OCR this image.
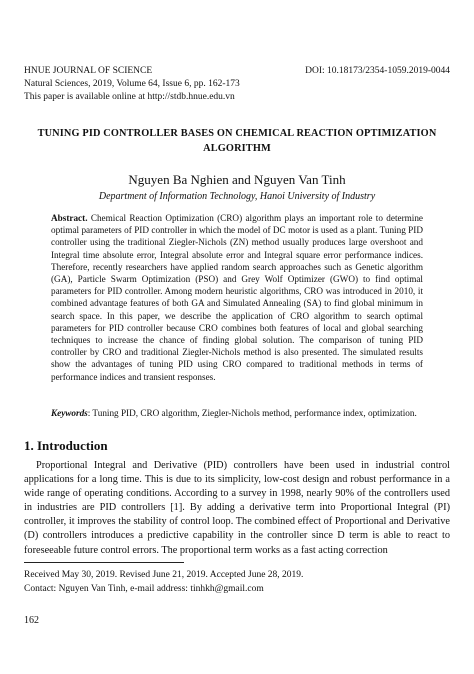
HNUE JOURNAL OF SCIENCE	DOI: 10.18173/2354-1059.2019-0044
Natural Sciences, 2019, Volume 64, Issue 6, pp. 162-173
This paper is available online at http://stdb.hnue.edu.vn
TUNING PID CONTROLLER BASES ON CHEMICAL REACTION OPTIMIZATION ALGORITHM
Nguyen Ba Nghien and Nguyen Van Tinh
Department of Information Technology, Hanoi University of Industry

Abstract. Chemical Reaction Optimization (CRO) algorithm plays an important role to determine optimal parameters of PID controller in which the model of DC motor is used as a plant. Tuning PID controller using the traditional Ziegler-Nichols (ZN) method usually produces large overshoot and Integral time absolute error, Integral absolute error and Integral square error performance indices. Therefore, recently researchers have applied random search approaches such as Genetic algorithm (GA), Particle Swarm Optimization (PSO) and Grey Wolf Optimizer (GWO) to find optimal parameters for PID controller. Among modern heuristic algorithms, CRO was introduced in 2010, it combined advantage features of both GA and Simulated Annealing (SA) to find global minimum in search space. In this paper, we describe the application of CRO algorithm to search optimal parameters for PID controller because CRO combines both features of local and global searching techniques to increase the chance of finding global solution. The comparison of tuning PID controller by CRO and traditional Ziegler-Nichols method is also presented. The simulated results show the advantages of tuning PID using CRO compared to traditional methods in terms of performance indices and transient responses.

Keywords: Tuning PID, CRO algorithm, Ziegler-Nichols method, performance index, optimization.

1. Introduction

Proportional Integral and Derivative (PID) controllers have been used in industrial control applications for a long time. This is due to its simplicity, low-cost design and robust performance in a wide range of operating conditions. According to a survey in 1998, nearly 90% of the controllers used in industries are PID controllers [1]. By adding a derivative term into Proportional Integral (PI) controller, it improves the stability of control loop. The combined effect of Proportional and Derivative (D) controllers introduces a predictive capability in the controller since D term is able to react to foreseeable future control errors. The proportional term works as a fast acting correction

Received May 30, 2019. Revised June 21, 2019. Accepted June 28, 2019.
Contact: Nguyen Van Tinh, e-mail address: tinhkh@gmail.com
162
